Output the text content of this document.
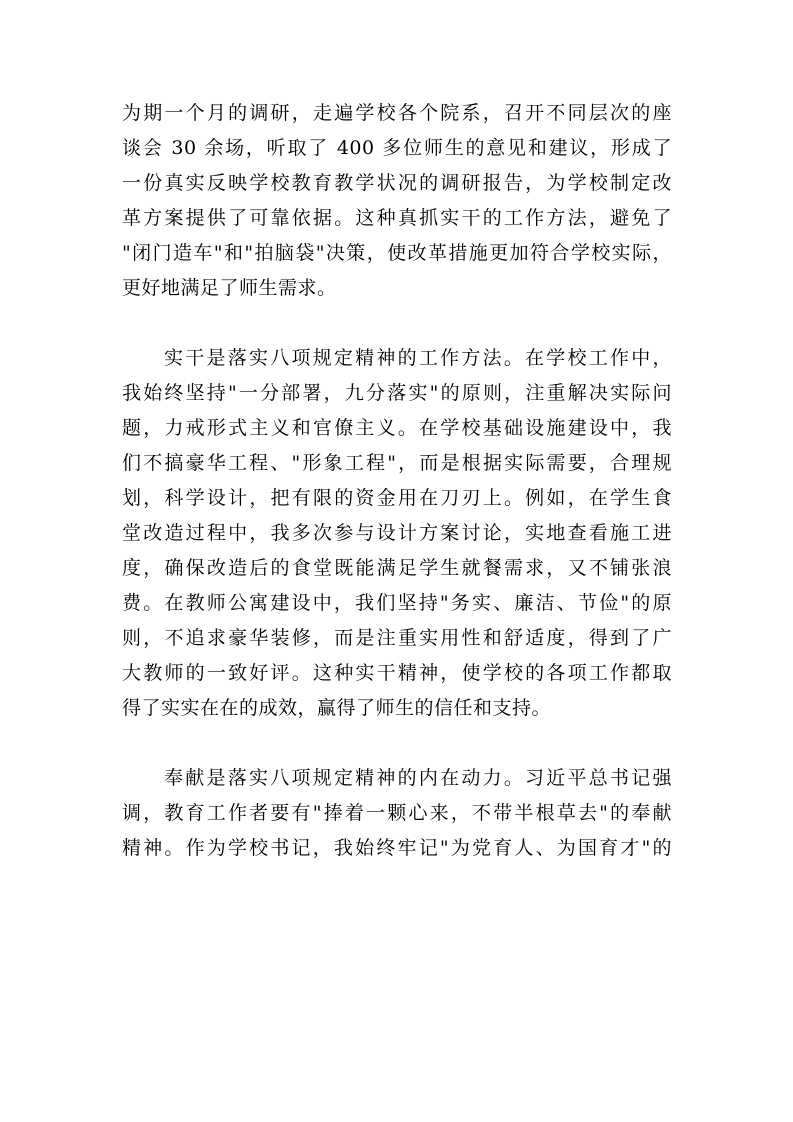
为期一个月的调研，走遍学校各个院系，召开不同层次的座
谈会 30 余场，听取了 400 多位师生的意见和建议，形成了
一份真实反映学校教育教学状况的调研报告，为学校制定改
革方案提供了可靠依据。这种真抓实干的工作方法，避免了
"闭门造车"和"拍脑袋"决策，使改革措施更加符合学校实际，
更好地满足了师生需求。
实干是落实八项规定精神的工作方法。在学校工作中，
我始终坚持"一分部署，九分落实"的原则，注重解决实际问
题，力戒形式主义和官僚主义。在学校基础设施建设中，我
们不搞豪华工程、"形象工程"，而是根据实际需要，合理规
划，科学设计，把有限的资金用在刀刃上。例如，在学生食
堂改造过程中，我多次参与设计方案讨论，实地查看施工进
度，确保改造后的食堂既能满足学生就餐需求，又不铺张浪
费。在教师公寓建设中，我们坚持"务实、廉洁、节俭"的原
则，不追求豪华装修，而是注重实用性和舒适度，得到了广
大教师的一致好评。这种实干精神，使学校的各项工作都取
得了实实在在的成效，赢得了师生的信任和支持。
奉献是落实八项规定精神的内在动力。习近平总书记强
调，教育工作者要有"捧着一颗心来，不带半根草去"的奉献
精神。作为学校书记，我始终牢记"为党育人、为国育才"的
